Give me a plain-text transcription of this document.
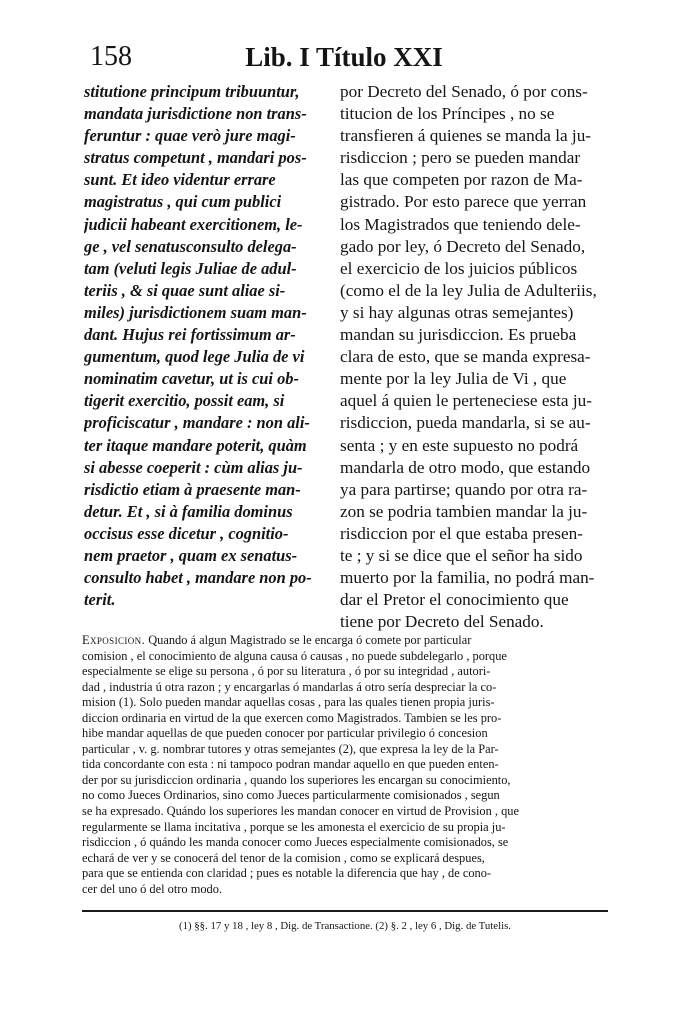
158	Lib. I Título XXI
stitutione principum tribuuntur,
mandata jurisdictione non trans-
feruntur : quae verò jure magi-
stratus competunt , mandari pos-
sunt. Et ideo videntur errare
magistratus , qui cum publici
judicii habeant exercitionem, le-
ge , vel senatusconsulto delega-
tam (veluti legis Juliae de adul-
teriis , & si quae sunt aliae si-
miles) jurisdictionem suam man-
dant. Hujus rei fortissimum ar-
gumentum, quod lege Julia de vi
nominatim cavetur, ut is cui ob-
tigerit exercitio, possit eam, si
proficiscatur , mandare : non ali-
ter itaque mandare poterit, quàm
si abesse coeperit : cùm alias ju-
risdictio etiam à praesente man-
detur. Et , si à familia dominus
occisus esse dicetur , cognitio-
nem praetor , quam ex senatus-
consulto habet , mandare non po-
terit.
por Decreto del Senado, ó por cons-
titucion de los Príncipes , no se
transfieren á quienes se manda la ju-
risdiccion ; pero se pueden mandar
las que competen por razon de Ma-
gistrado. Por esto parece que yerran
los Magistrados que teniendo dele-
gado por ley, ó Decreto del Senado,
el exercicio de los juicios públicos
(como el de la ley Julia de Adulteriis,
y si hay algunas otras semejantes)
mandan su jurisdiccion. Es prueba
clara de esto, que se manda expresa-
mente por la ley Julia de Vi , que
aquel á quien le perteneciese esta ju-
risdiccion, pueda mandarla, si se au-
senta ; y en este supuesto no podrá
mandarla de otro modo, que estando
ya para partirse; quando por otra ra-
zon se podria tambien mandar la ju-
risdiccion por el que estaba presen-
te ; y si se dice que el señor ha sido
muerto por la familia, no podrá man-
dar el Pretor el conocimiento que
tiene por Decreto del Senado.
Exposicion. Quando á algun Magistrado se le encarga ó comete por particular
comision , el conocimiento de alguna causa ó causas , no puede subdelegarlo , porque
especialmente se elige su persona , ó por su literatura , ó por su integridad , autori-
dad , industria ú otra razon ; y encargarlas ó mandarlas á otro sería despreciar la co-
mision (1). Solo pueden mandar aquellas cosas , para las quales tienen propia juris-
diccion ordinaria en virtud de la que exercen como Magistrados. Tambien se les pro-
hibe mandar aquellas de que pueden conocer por particular privilegio ó concesion
particular , v. g. nombrar tutores y otras semejantes (2), que expresa la ley de la Par-
tida concordante con esta : ni tampoco podran mandar aquello en que pueden enten-
der por su jurisdiccion ordinaria , quando los superiores les encargan su conocimiento,
no como Jueces Ordinarios, sino como Jueces particularmente comisionados , segun
se ha expresado. Quándo los superiores les mandan conocer en virtud de Provision , que
regularmente se llama incitativa , porque se les amonesta el exercicio de su propia ju-
risdiccion , ó quándo les manda conocer como Jueces especialmente comisionados, se
echará de ver y se conocerá del tenor de la comision , como se explicará despues,
para que se entienda con claridad ; pues es notable la diferencia que hay , de cono-
cer del uno ó del otro modo.
(1) §§. 17 y 18 , ley 8 , Dig. de Transactione. (2) §. 2 , ley 6 , Dig. de Tutelis.
